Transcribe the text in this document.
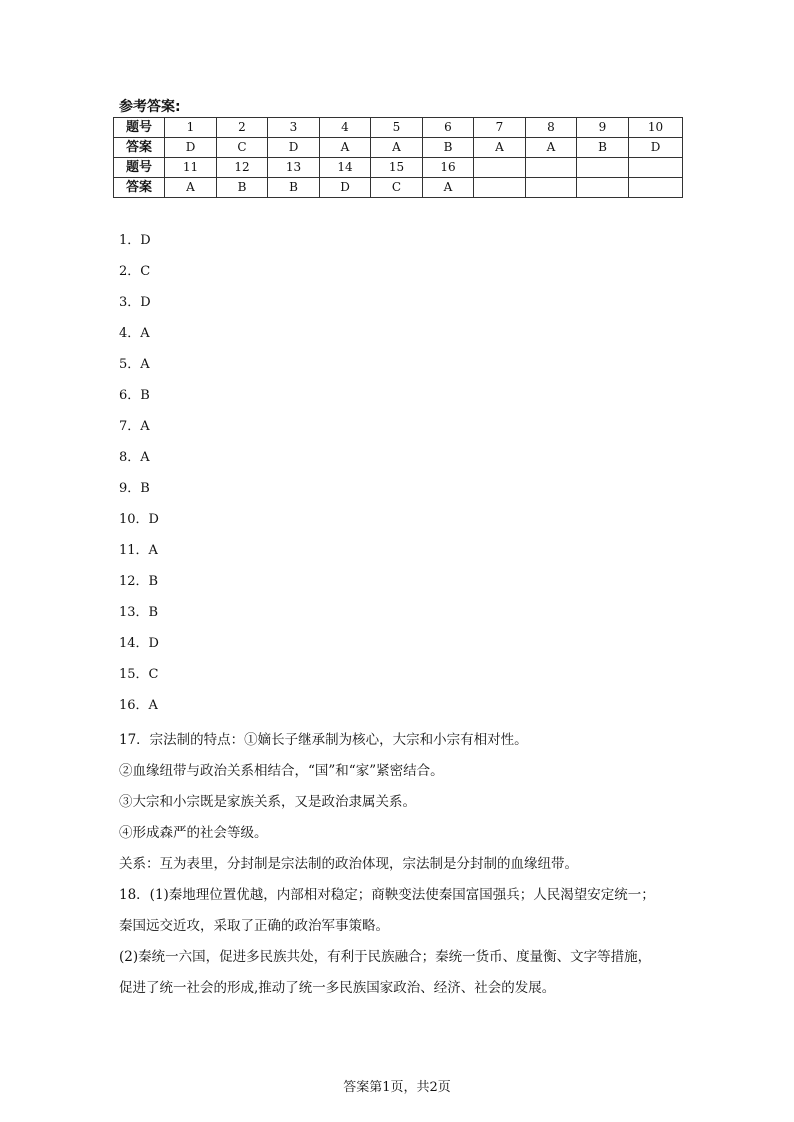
参考答案:
题号	1	2	3	4	5	6	7	8	9	10
答案	D	C	D	A	A	B	A	A	B	D
题号	11	12	13	14	15	16				
答案	A	B	B	D	C	A				
1．D
2．C
3．D
4．A
5．A
6．B
7．A
8．A
9．B
10．D
11．A
12．B
13．B
14．D
15．C
16．A
17．宗法制的特点：①嫡长子继承制为核心，大宗和小宗有相对性。
②血缘纽带与政治关系相结合，“国”和“家”紧密结合。
③大宗和小宗既是家族关系，又是政治隶属关系。
④形成森严的社会等级。
关系：互为表里，分封制是宗法制的政治体现，宗法制是分封制的血缘纽带。
18．(1)秦地理位置优越，内部相对稳定；商鞅变法使秦国富国强兵；人民渴望安定统一；
秦国远交近攻，采取了正确的政治军事策略。
(2)秦统一六国，促进多民族共处，有利于民族融合；秦统一货币、度量衡、文字等措施，
促进了统一社会的形成,推动了统一多民族国家政治、经济、社会的发展。
答案第1页，共2页
